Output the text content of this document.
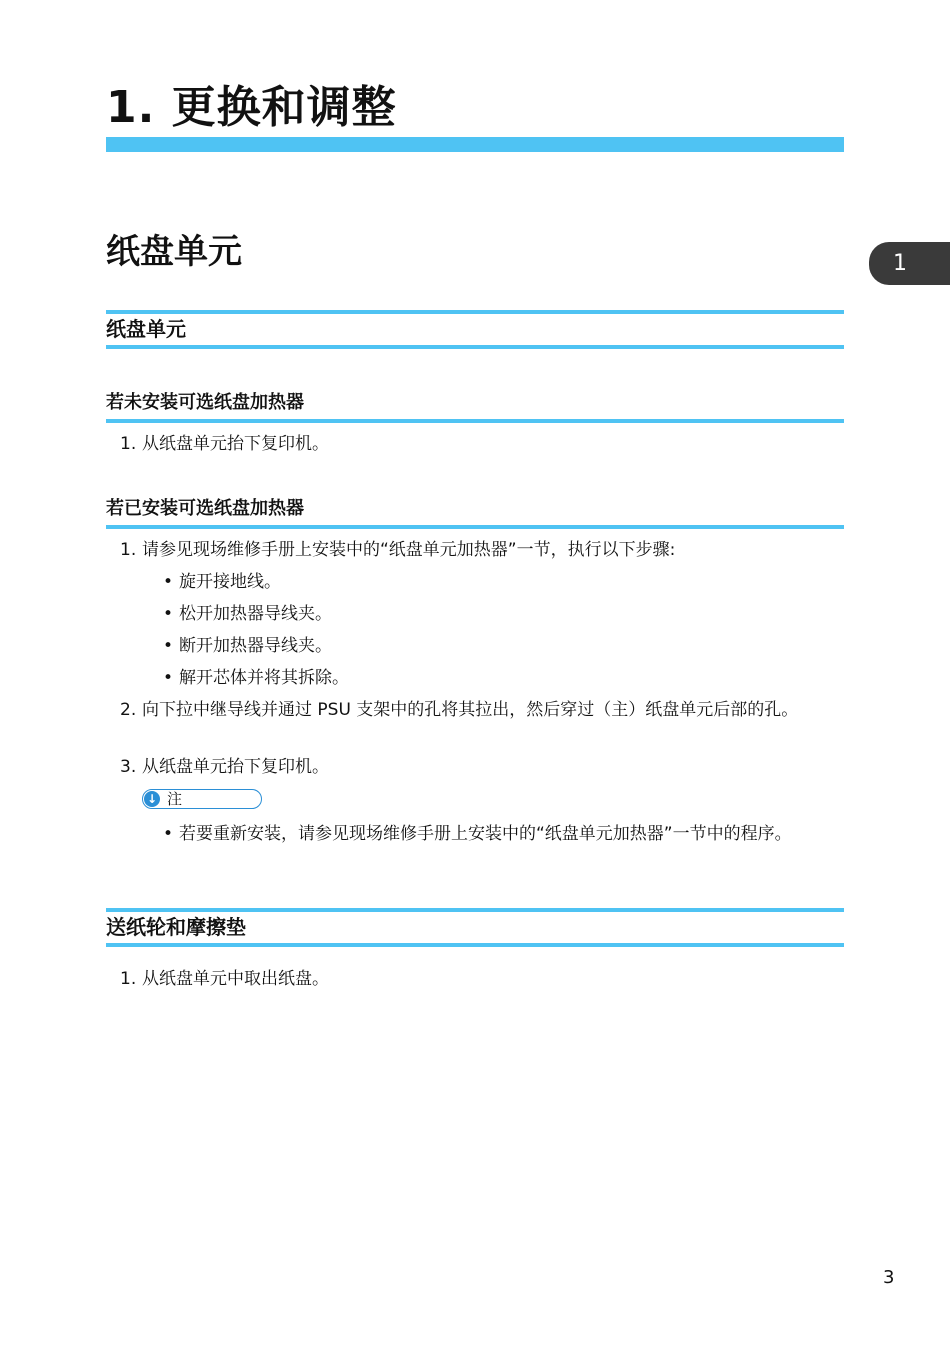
1. 更换和调整
1
纸盘单元
纸盘单元
若未安装可选纸盘加热器
1. 从纸盘单元抬下复印机。
若已安装可选纸盘加热器
1. 请参见现场维修手册上安装中的“纸盘单元加热器”一节，执行以下步骤:
• 旋开接地线。
• 松开加热器导线夹。
• 断开加热器导线夹。
• 解开芯体并将其拆除。
2. 向下拉中继导线并通过 PSU 支架中的孔将其拉出，然后穿过（主）纸盘单元后部的孔。
3. 从纸盘单元抬下复印机。
↓ 注
• 若要重新安装，请参见现场维修手册上安装中的“纸盘单元加热器”一节中的程序。
送纸轮和摩擦垫
1. 从纸盘单元中取出纸盘。
3
